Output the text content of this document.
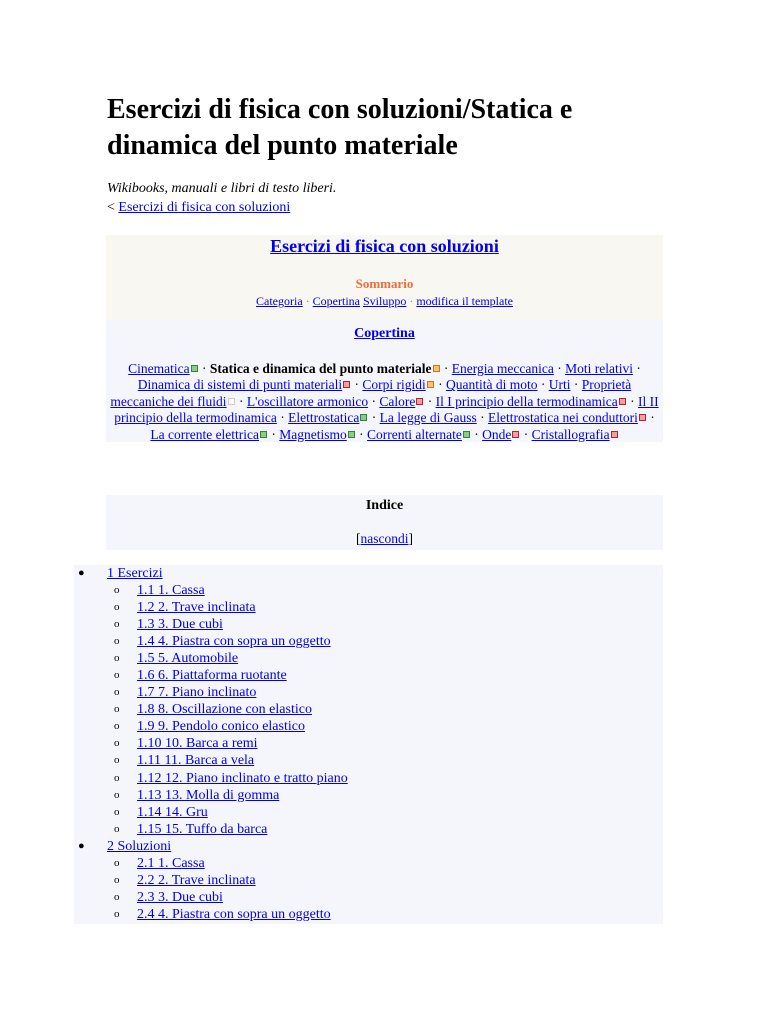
Esercizi di fisica con soluzioni/Statica e dinamica del punto materiale
Wikibooks, manuali e libri di testo liberi.
< Esercizi di fisica con soluzioni
Esercizi di fisica con soluzioni
Sommario
Categoria · Copertina Sviluppo · modifica il template
Copertina
Cinematica · Statica e dinamica del punto materiale · Energia meccanica · Moti relativi · Dinamica di sistemi di punti materiali · Corpi rigidi · Quantità di moto · Urti · Proprietà meccaniche dei fluidi · L'oscillatore armonico · Calore · Il I principio della termodinamica · Il II principio della termodinamica · Elettrostatica · La legge di Gauss · Elettrostatica nei conduttori · La corrente elettrica · Magnetismo · Correnti alternate · Onde · Cristallografia
Indice
[nascondi]
● 1 Esercizi
o 1.1 1. Cassa
o 1.2 2. Trave inclinata
o 1.3 3. Due cubi
o 1.4 4. Piastra con sopra un oggetto
o 1.5 5. Automobile
o 1.6 6. Piattaforma ruotante
o 1.7 7. Piano inclinato
o 1.8 8. Oscillazione con elastico
o 1.9 9. Pendolo conico elastico
o 1.10 10. Barca a remi
o 1.11 11. Barca a vela
o 1.12 12. Piano inclinato e tratto piano
o 1.13 13. Molla di gomma
o 1.14 14. Gru
o 1.15 15. Tuffo da barca
● 2 Soluzioni
o 2.1 1. Cassa
o 2.2 2. Trave inclinata
o 2.3 3. Due cubi
o 2.4 4. Piastra con sopra un oggetto
